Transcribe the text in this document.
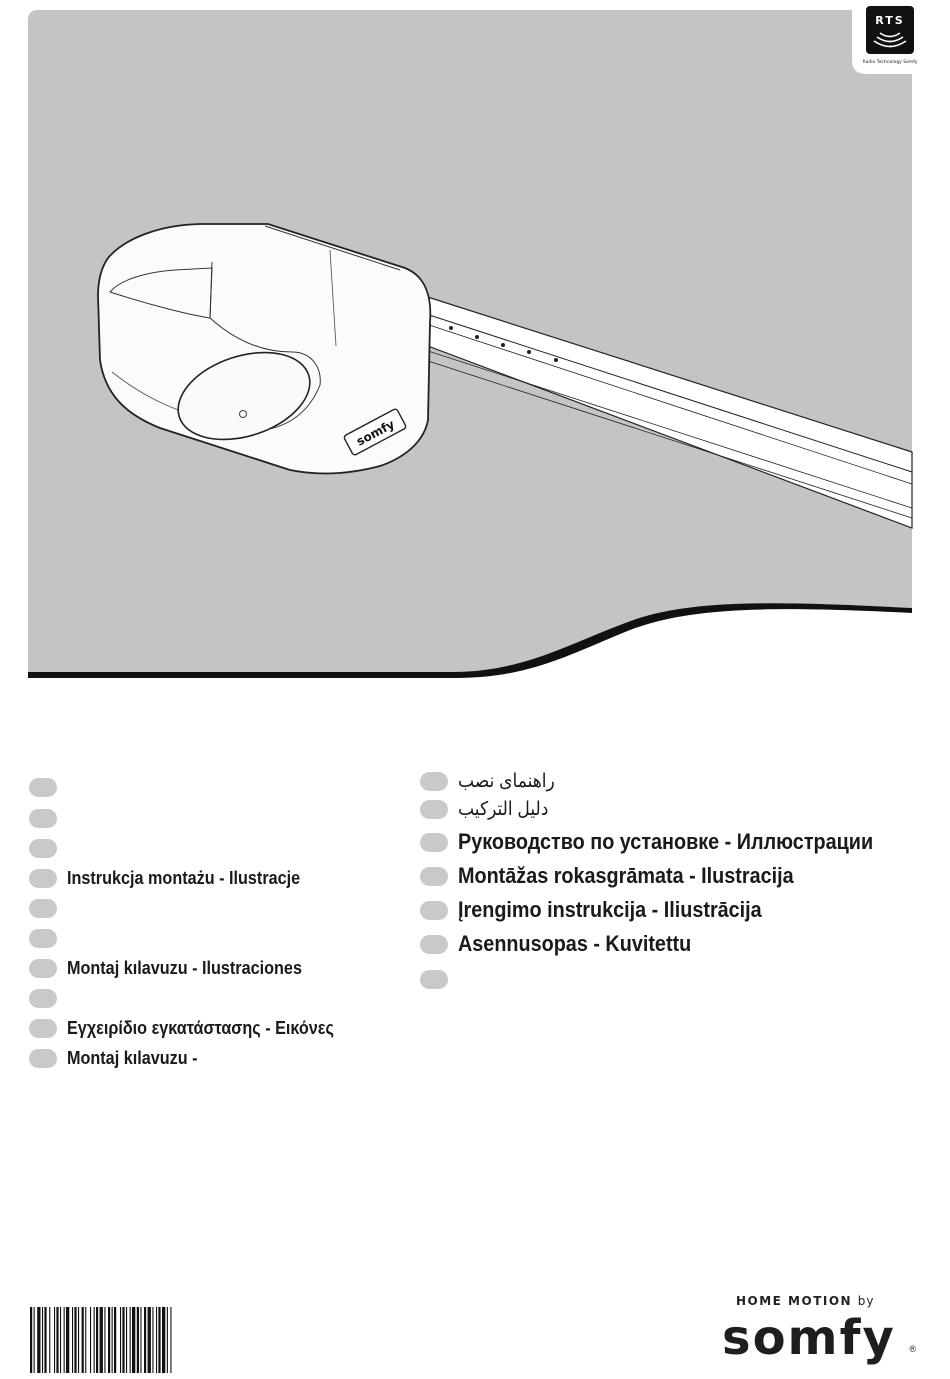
somfy
RTS
Radio Technology Somfy
Instrukcja montażu - Ilustracje
Montaj kılavuzu - Ilustraciones
Εγχειρίδιο εγκατάστασης - Εικόνες
Montaj kılavuzu -
راهنمای نصب
دليل التركيب
Руководство по установке - Иллюстрации
Montāžas rokasgrāmata - Ilustracija
Įrengimo instrukcija - Iliustrācija
Asennusopas - Kuvitettu
HOME MOTION by
somfy ®
